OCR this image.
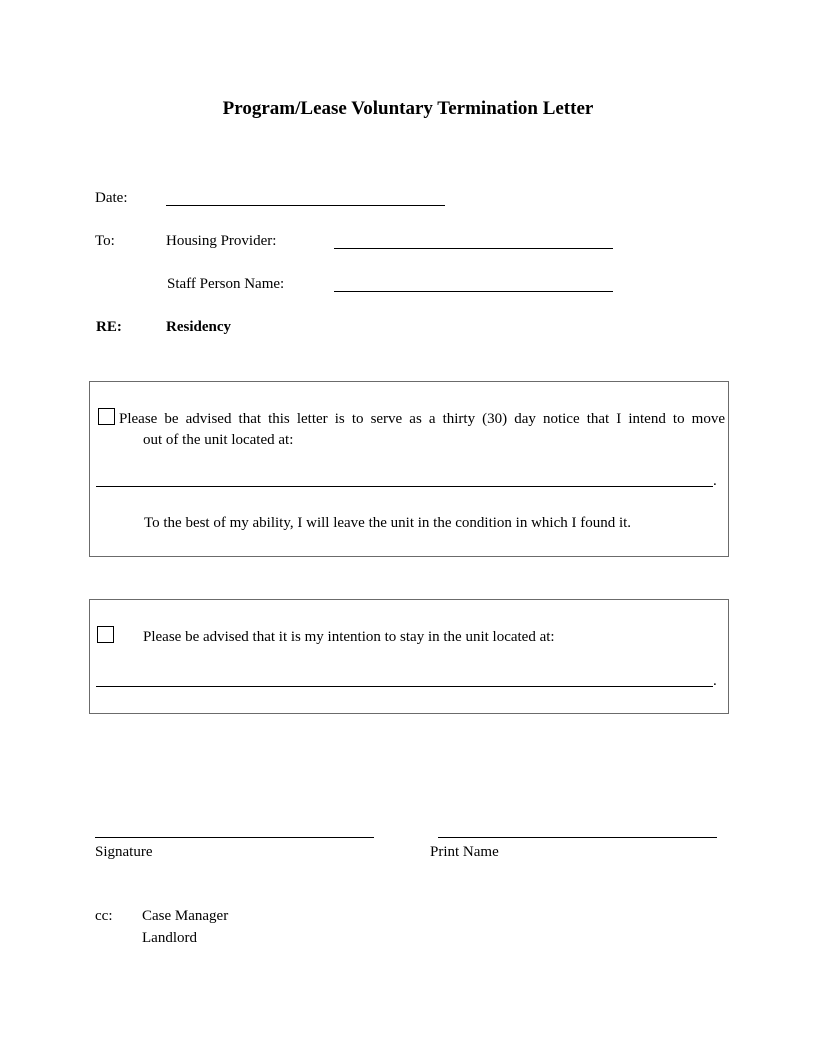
Program/Lease Voluntary Termination Letter
Date:
To:	Housing Provider:
Staff Person Name:
RE:	Residency
Please be advised that this letter is to serve as a thirty (30) day notice that I intend to move
out of the unit located at:
.
To the best of my ability, I will leave the unit in the condition in which I found it.
Please be advised that it is my intention to stay in the unit located at:
.
Signature	Print Name
cc: Case Manager
Landlord
